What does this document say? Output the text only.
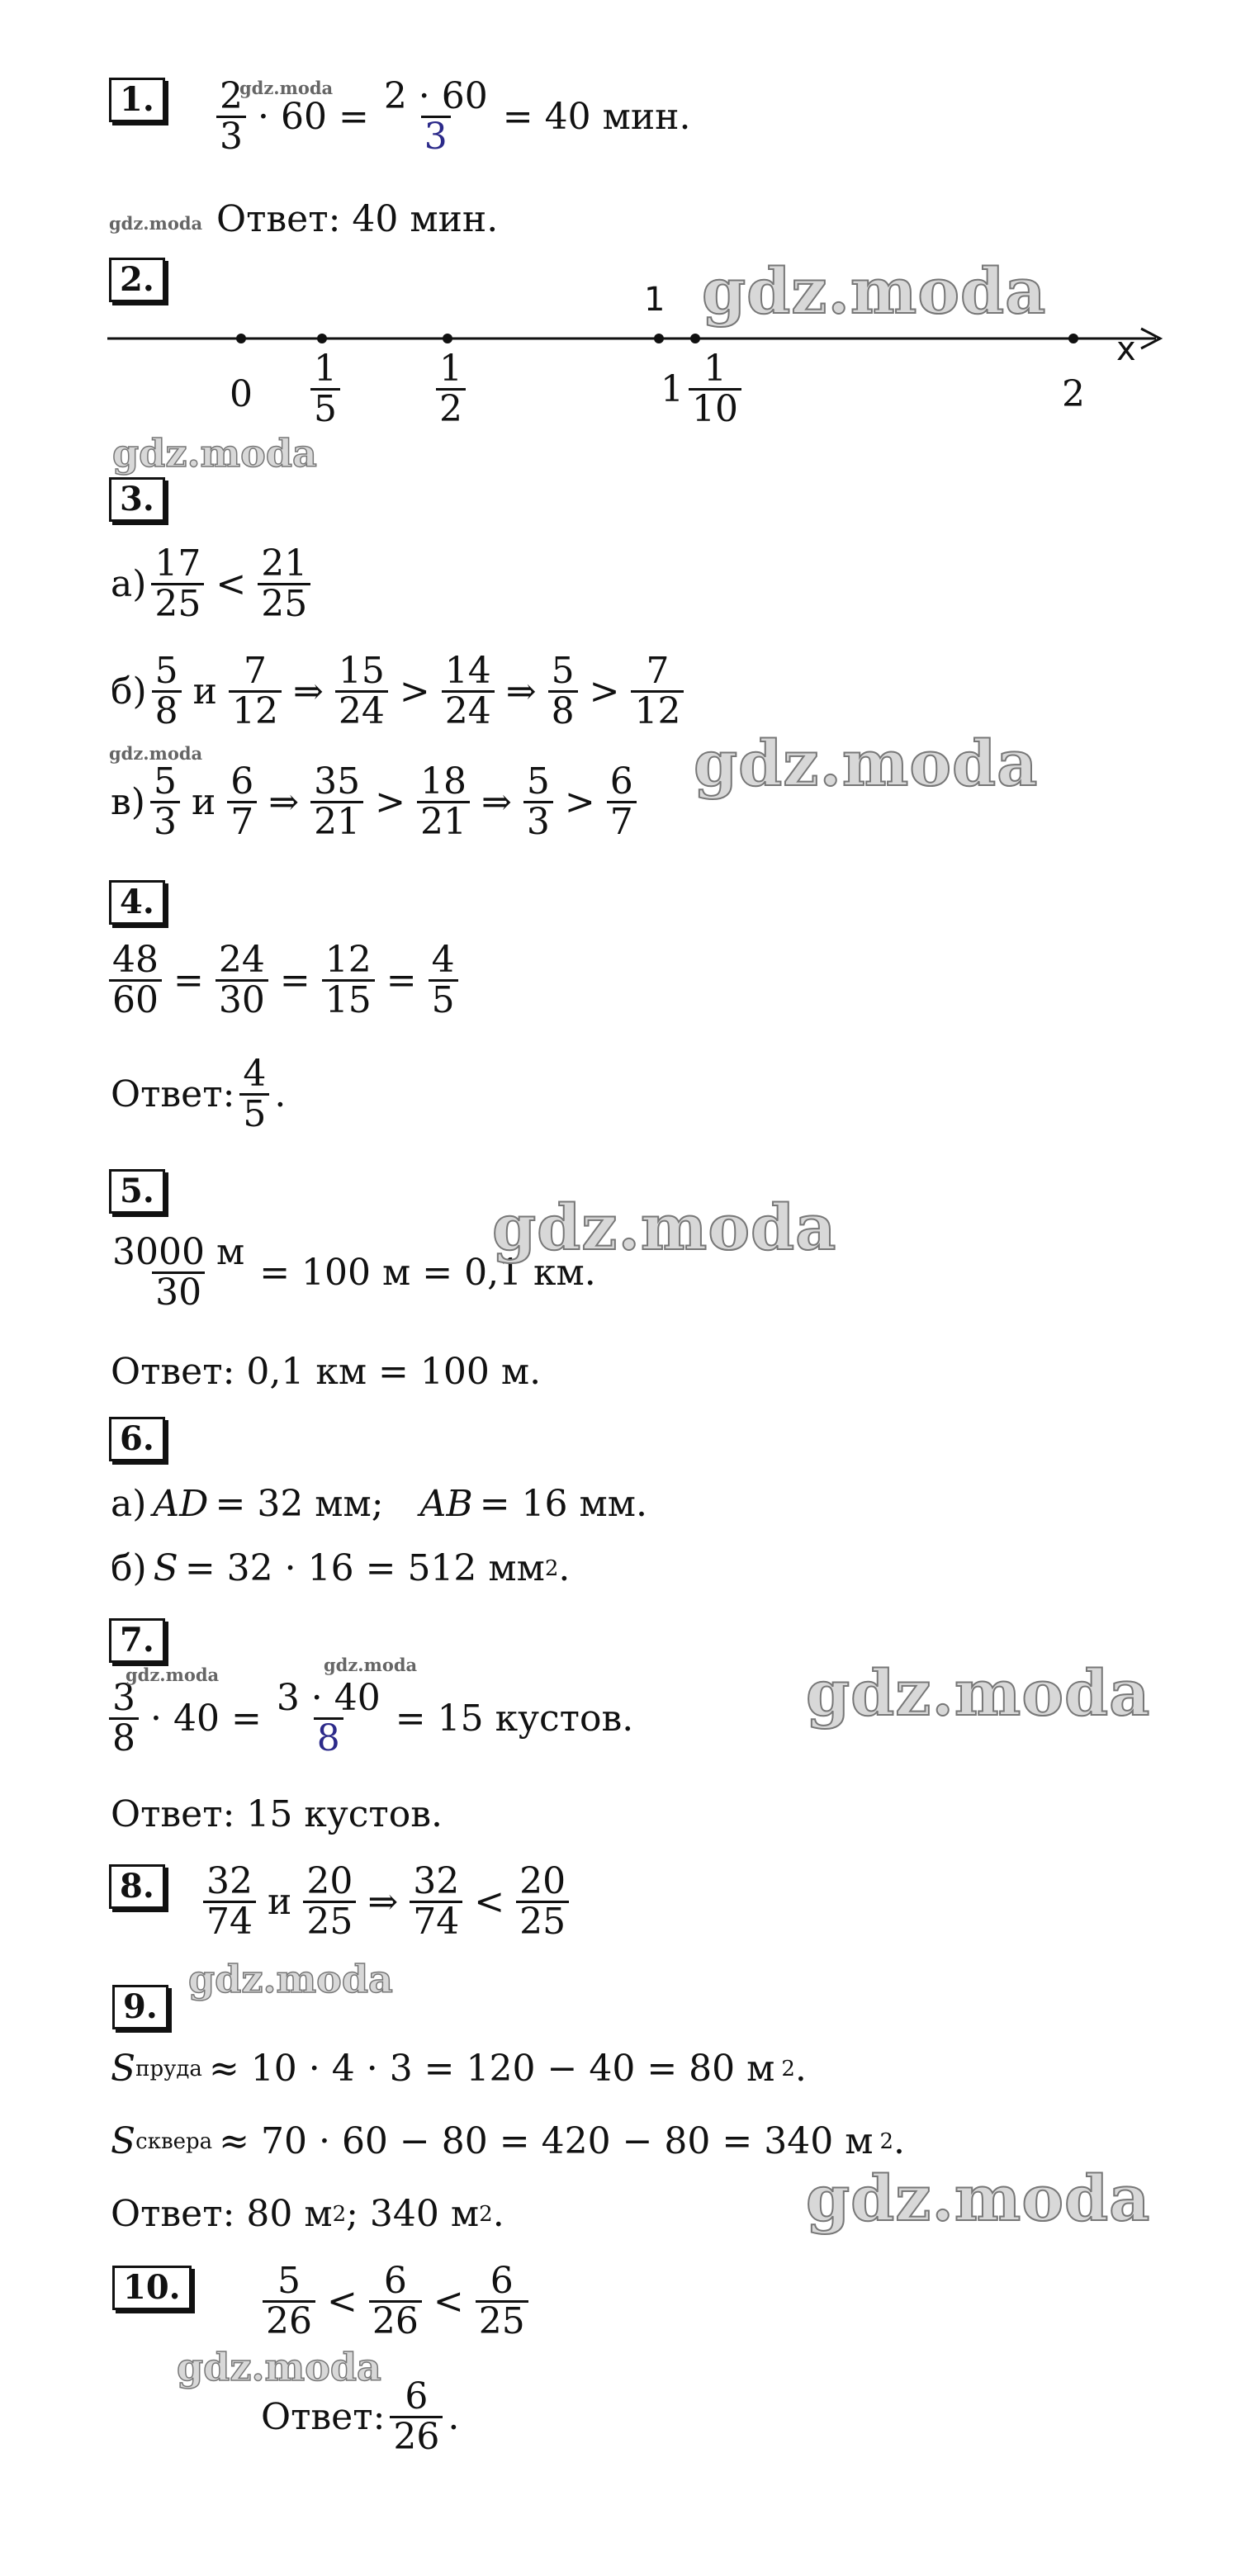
1. $\frac{2}{3} \cdot 60 = \frac{2 \cdot 60}{3} = 40$ мин.
Ответ: 40 мин.
2.
1
x
$0 \frac{1}{5}$	$\frac{1}{2}$	$1 \frac{1}{10}$	2
3.
$а) \frac{17}{25} < \frac{21}{25}$
$б) \frac{5}{8}$ и $\frac{7}{12}$ ⇒ $\frac{15}{24} > \frac{14}{24}$ ⇒ $\frac{5}{8} > \frac{7}{12}$
$в) \frac{5}{3}$ и $\frac{6}{7}$ ⇒ $\frac{35}{21} > \frac{18}{21}$ ⇒ $\frac{5}{3} > \frac{6}{7}$
4.
$\frac{48}{60} = \frac{24}{30} = \frac{12}{15} = \frac{4}{5}$
Ответ: $\frac{4}{5}$ .
5.
$\frac{3000 м}{30} = 100$ м = 0,1 км.
Ответ: 0,1 км = 100 м.
6.
а) AD = 32 мм; AB = 16 мм.
б) S = 32 · 16 = 512 мм 2 .
7.
$\frac{3}{8} \cdot 40 = \frac{3 \cdot 40}{8} = 15$ кустов.
Ответ: 15 кустов.
8. $\frac{32}{74}$ и $\frac{20}{25}$ ⇒ $\frac{32}{74} < \frac{20}{25}$
9.
S пруда ≈ 10 · 4 · 3 = 120 − 40 = 80 м 2 .
S сквера ≈ 70 · 60 − 80 = 420 − 80 = 340 м 2 .
Ответ: 80 м 2 ; 340 м 2 .
10. $\frac{5}{26} < \frac{6}{26} < \frac{6}{25}$
Ответ: $\frac{6}{26}$ .
gdz.moda
gdz.moda
gdz.moda
gdz.moda
gdz.moda
gdz.moda
gdz.moda
gdz.moda
gdz.moda
gdz.moda
gdz.moda
gdz.moda	gdz.moda
